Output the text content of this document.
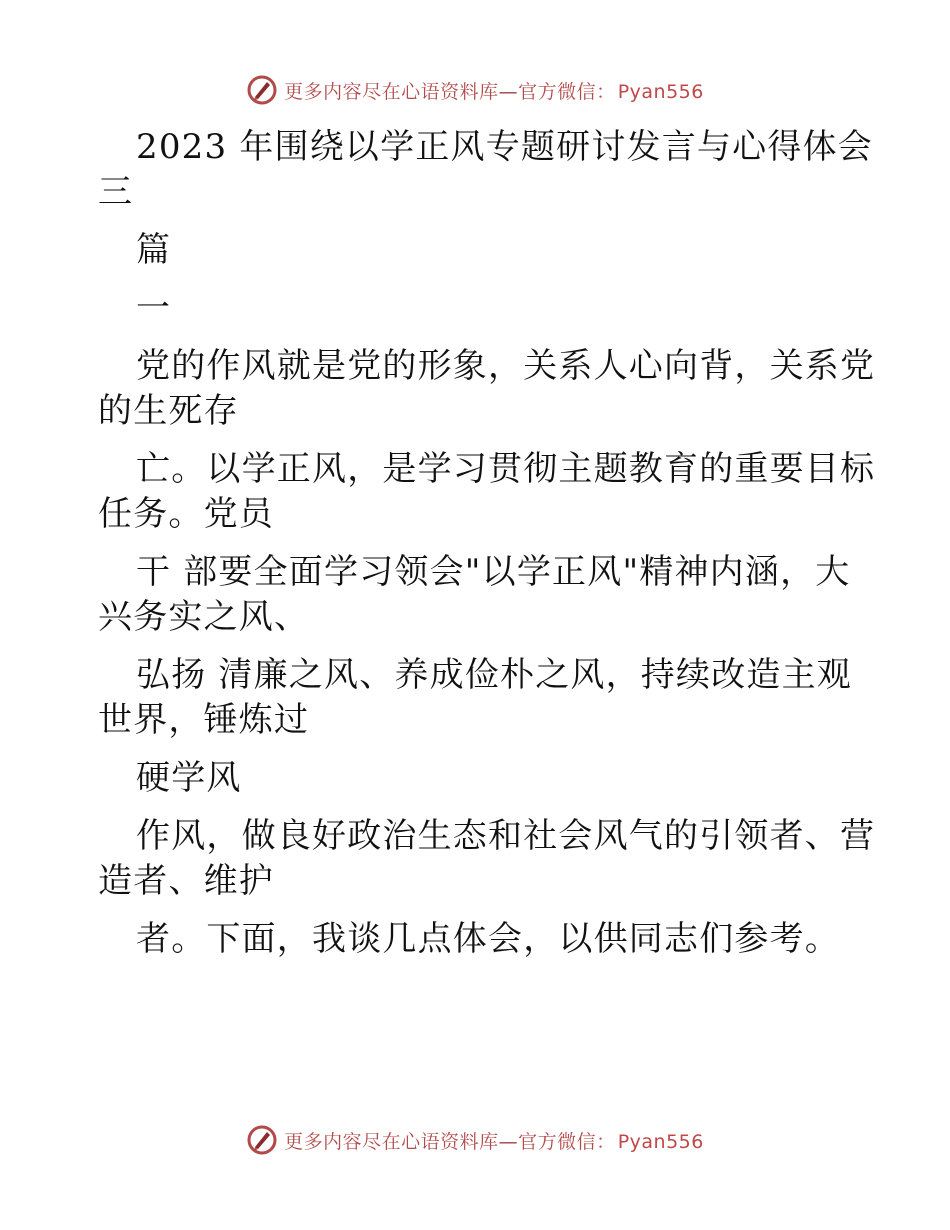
更多内容尽在心语资料库—官方微信： Pyan556

2023 年围绕以学正风专题研讨发言与心得体会

三

篇

一

党的作风就是党的形象，关系人心向背，关系党

的生死存

亡。以学正风，是学习贯彻主题教育的重要目标

任务。党员

干 部要全面学习领会"以学正风"精神内涵，大

兴务实之风、

弘扬 清廉之风、养成俭朴之风，持续改造主观

世界，锤炼过

硬学风

作风，做良好政治生态和社会风气的引领者、营

造者、维护

者。下面，我谈几点体会，以供同志们参考。

更多内容尽在心语资料库—官方微信： Pyan556
